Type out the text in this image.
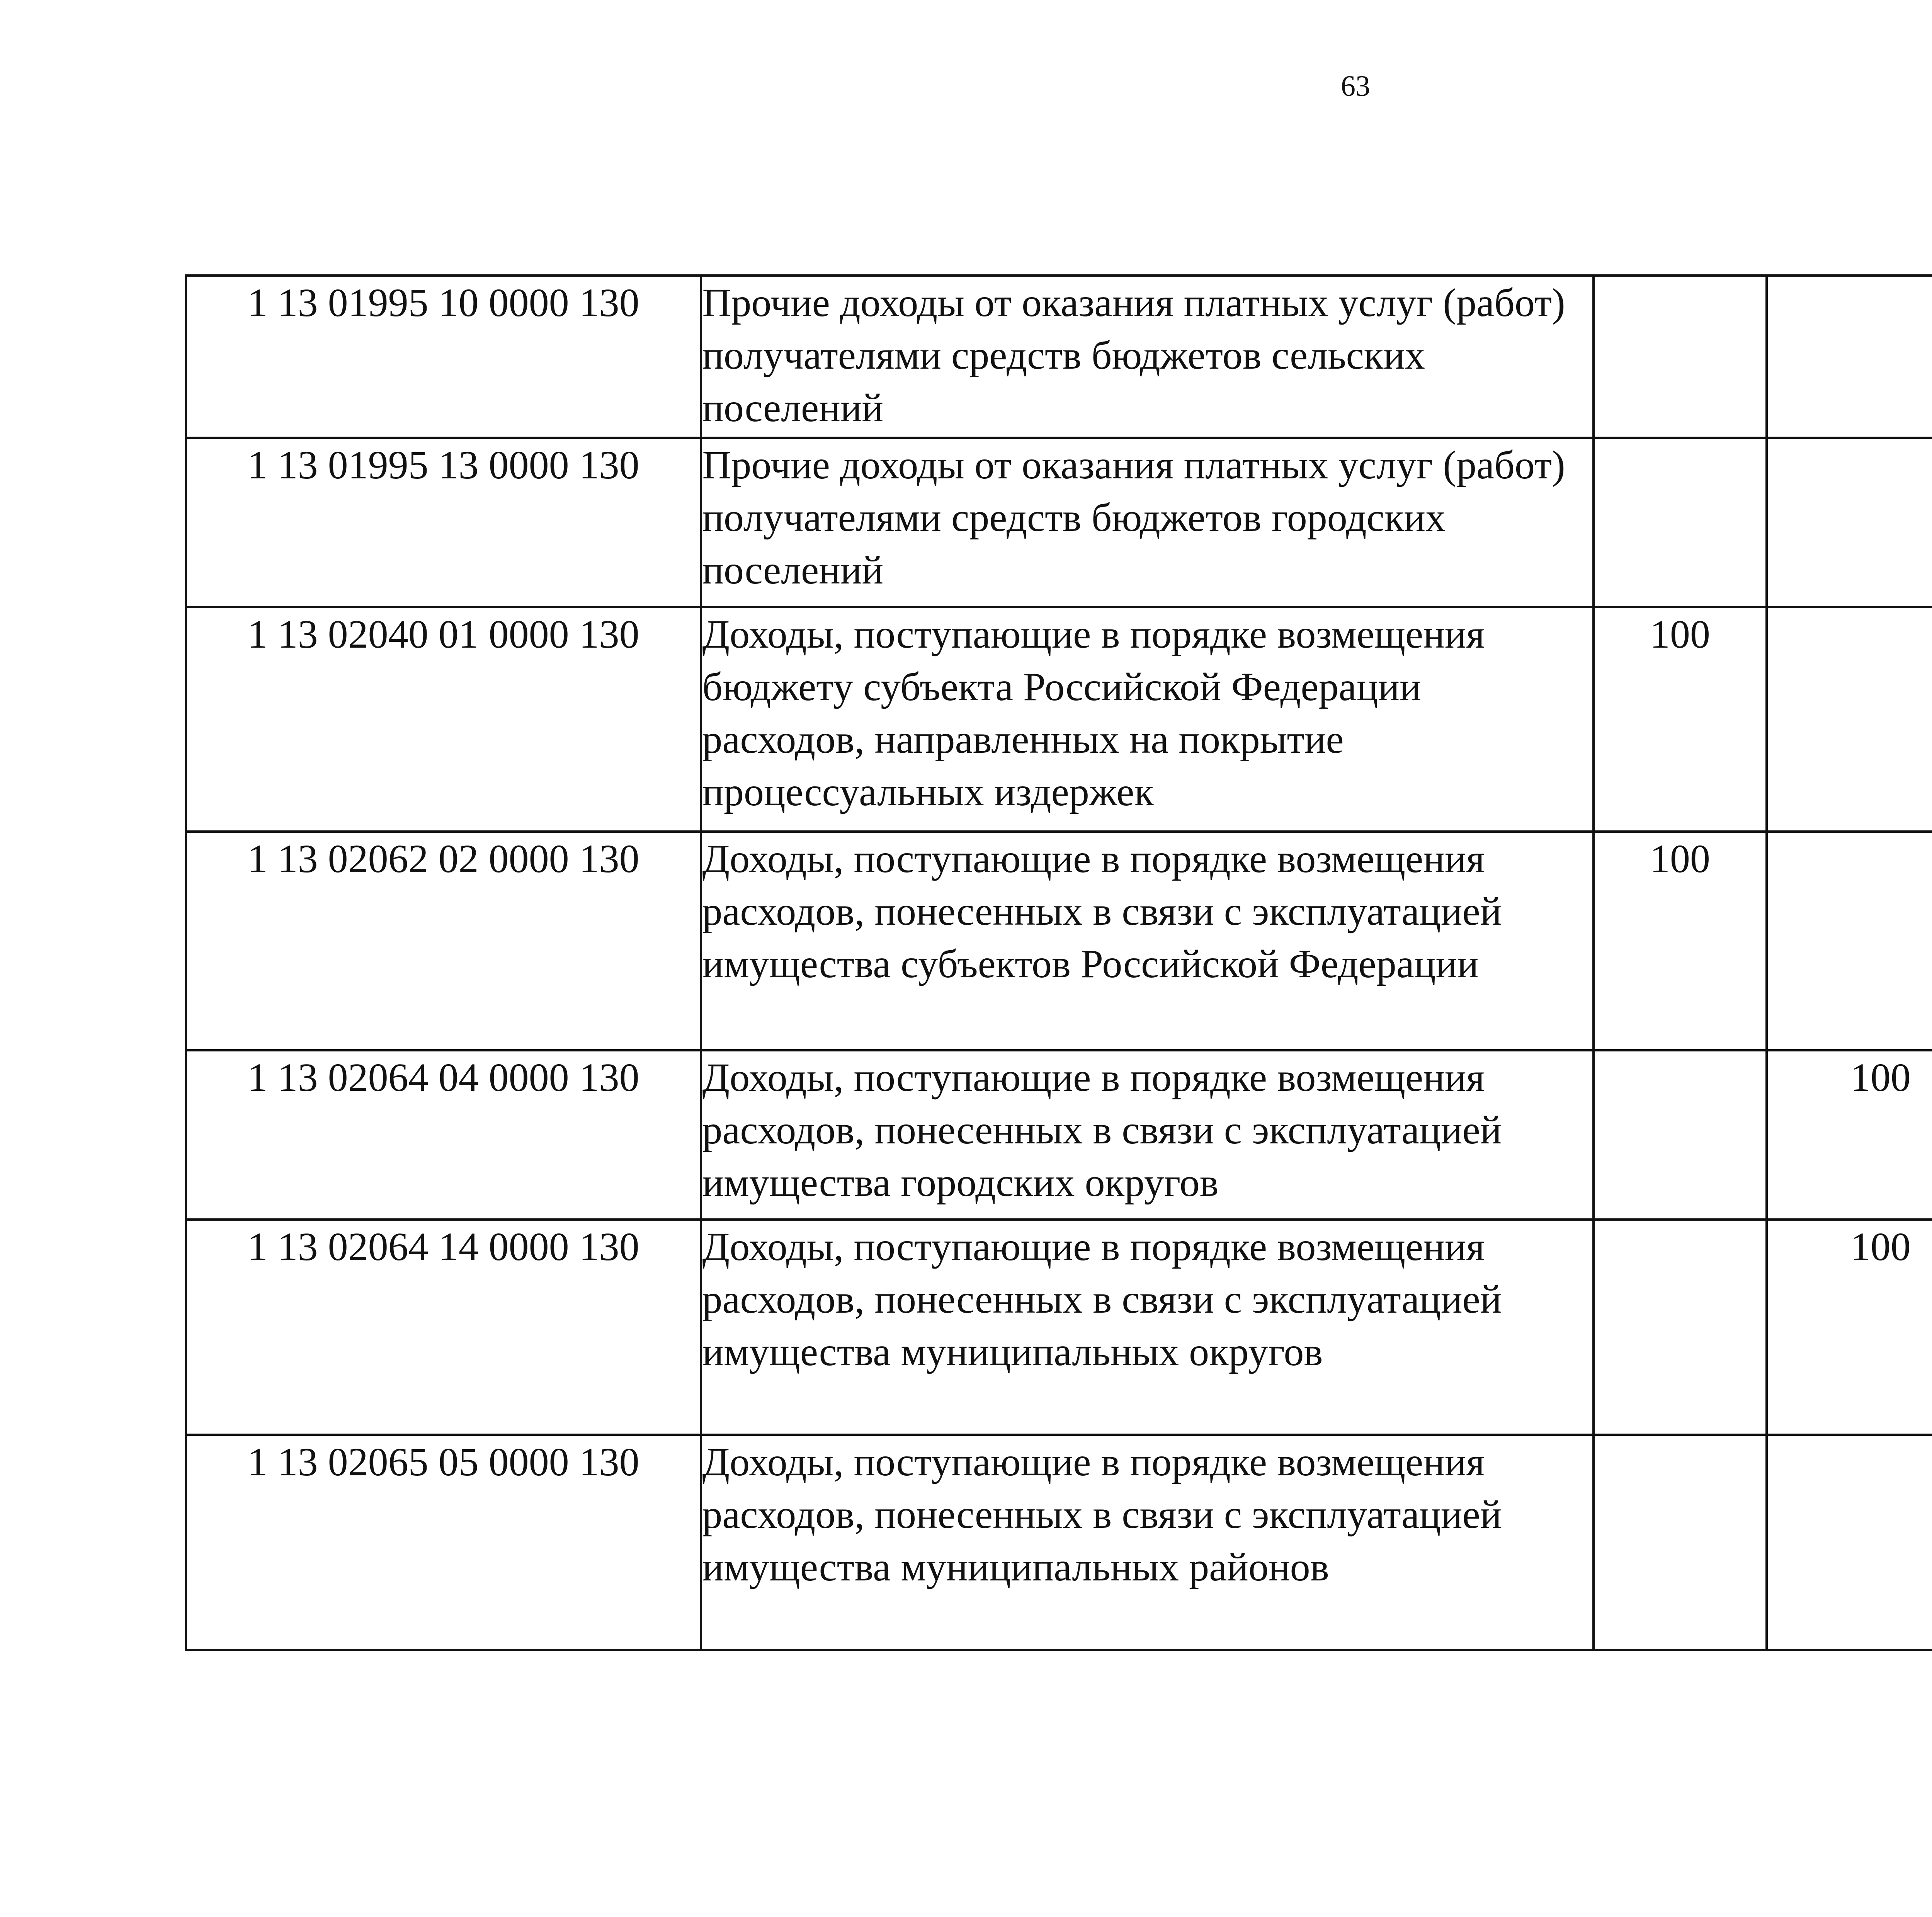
63
1 13 01995 10 0000 130	Прочие доходы от оказания платных услуг (работ) получателями средств бюджетов сельских поселений					
1 13 01995 13 0000 130	Прочие доходы от оказания платных услуг (работ) получателями средств бюджетов городских поселений					
1 13 02040 01 0000 130	Доходы, поступающие в порядке возмещения бюджету субъекта Российской Федерации расходов, направленных на покрытие процессуальных издержек	100				
1 13 02062 02 0000 130	Доходы, поступающие в порядке возмещения расходов, понесенных в связи с эксплуатацией имущества субъектов Российской Федерации	100				
1 13 02064 04 0000 130	Доходы, поступающие в порядке возмещения расходов, понесенных в связи с эксплуатацией имущества городских округов		100			
1 13 02064 14 0000 130	Доходы, поступающие в порядке возмещения расходов, понесенных в связи с эксплуатацией имущества муниципальных округов		100			
1 13 02065 05 0000 130	Доходы, поступающие в порядке возмещения расходов, понесенных в связи с эксплуатацией имущества муниципальных районов					
